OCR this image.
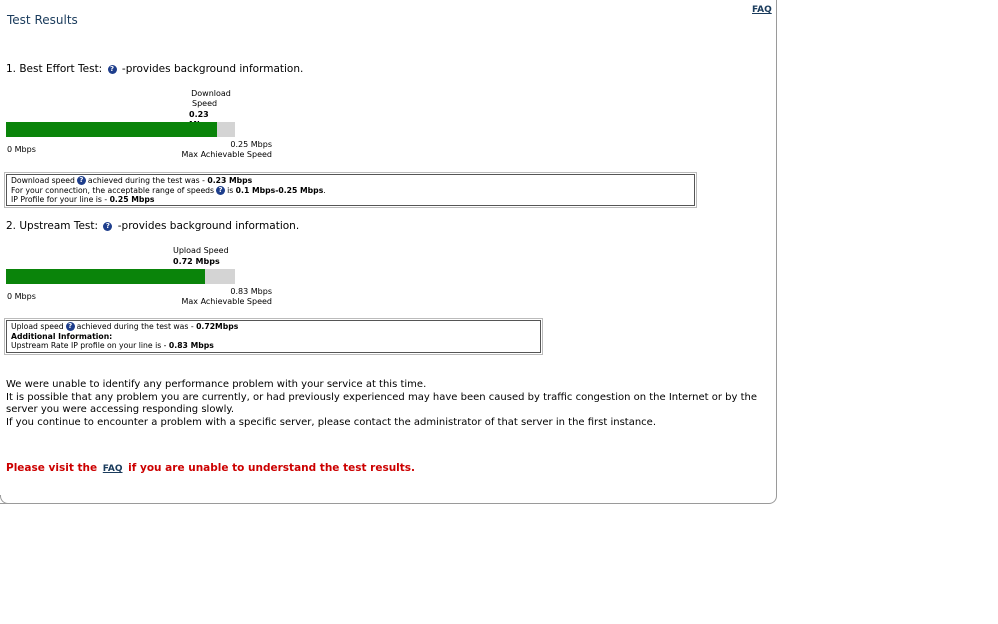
Test Results
FAQ
1. Best Effort Test: ? -provides background information.
Download
Speed
0.23
0 Mbps
0.25 Mbps
Max Achievable Speed
Download speed ? achieved during the test was - 0.23 Mbps
For your connection, the acceptable range of speeds ? is 0.1 Mbps-0.25 Mbps.
IP Profile for your line is - 0.25 Mbps
2. Upstream Test: ? -provides background information.
Upload Speed
0.72 Mbps
0 Mbps
0.83 Mbps
Max Achievable Speed
Upload speed ? achieved during the test was - 0.72Mbps
Additional Information:
Upstream Rate IP profile on your line is - 0.83 Mbps
We were unable to identify any performance problem with your service at this time.
It is possible that any problem you are currently, or had previously experienced may have been caused by traffic congestion on the Internet or by the server you were accessing responding slowly.
If you continue to encounter a problem with a specific server, please contact the administrator of that server in the first instance.
Please visit the FAQ if you are unable to understand the test results.
